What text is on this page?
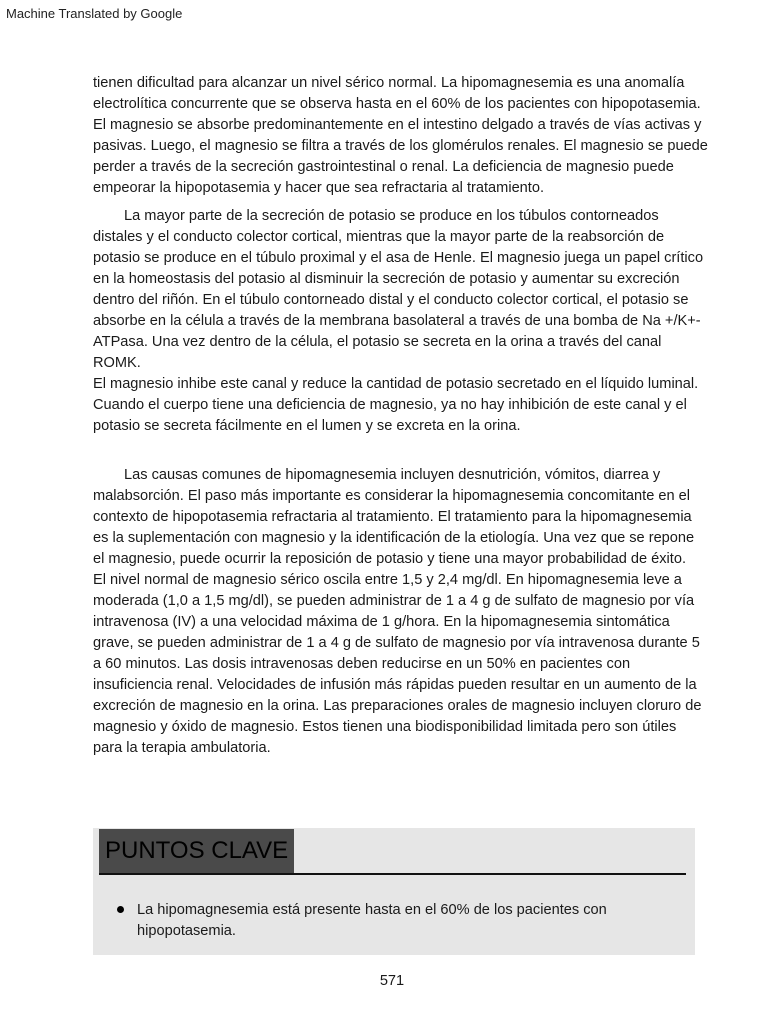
Machine Translated by Google

tienen dificultad para alcanzar un nivel sérico normal. La hipomagnesemia es una anomalía electrolítica concurrente que se observa hasta en el 60% de los pacientes con hipopotasemia. El magnesio se absorbe predominantemente en el intestino delgado a través de vías activas y pasivas. Luego, el magnesio se filtra a través de los glomérulos renales. El magnesio se puede perder a través de la secreción gastrointestinal o renal. La deficiencia de magnesio puede empeorar la hipopotasemia y hacer que sea refractaria al tratamiento.

La mayor parte de la secreción de potasio se produce en los túbulos contorneados distales y el conducto colector cortical, mientras que la mayor parte de la reabsorción de potasio se produce en el túbulo proximal y el asa de Henle. El magnesio juega un papel crítico en la homeostasis del potasio al disminuir la secreción de potasio y aumentar su excreción dentro del riñón. En el túbulo contorneado distal y el conducto colector cortical, el potasio se absorbe en la célula a través de la membrana basolateral a través de una bomba de Na +/K+-ATPasa. Una vez dentro de la célula, el potasio se secreta en la orina a través del canal ROMK.

El magnesio inhibe este canal y reduce la cantidad de potasio secretado en el líquido luminal. Cuando el cuerpo tiene una deficiencia de magnesio, ya no hay inhibición de este canal y el potasio se secreta fácilmente en el lumen y se excreta en la orina.

Las causas comunes de hipomagnesemia incluyen desnutrición, vómitos, diarrea y malabsorción. El paso más importante es considerar la hipomagnesemia concomitante en el contexto de hipopotasemia refractaria al tratamiento. El tratamiento para la hipomagnesemia es la suplementación con magnesio y la identificación de la etiología. Una vez que se repone el magnesio, puede ocurrir la reposición de potasio y tiene una mayor probabilidad de éxito.

El nivel normal de magnesio sérico oscila entre 1,5 y 2,4 mg/dl. En hipomagnesemia leve a moderada (1,0 a 1,5 mg/dl), se pueden administrar de 1 a 4 g de sulfato de magnesio por vía intravenosa (IV) a una velocidad máxima de 1 g/hora. En la hipomagnesemia sintomática grave, se pueden administrar de 1 a 4 g de sulfato de magnesio por vía intravenosa durante 5 a 60 minutos. Las dosis intravenosas deben reducirse en un 50% en pacientes con insuficiencia renal. Velocidades de infusión más rápidas pueden resultar en un aumento de la excreción de magnesio en la orina. Las preparaciones orales de magnesio incluyen cloruro de magnesio y óxido de magnesio. Estos tienen una biodisponibilidad limitada pero son útiles para la terapia ambulatoria.

PUNTOS CLAVE
La hipomagnesemia está presente hasta en el 60% de los pacientes con hipopotasemia.
571
